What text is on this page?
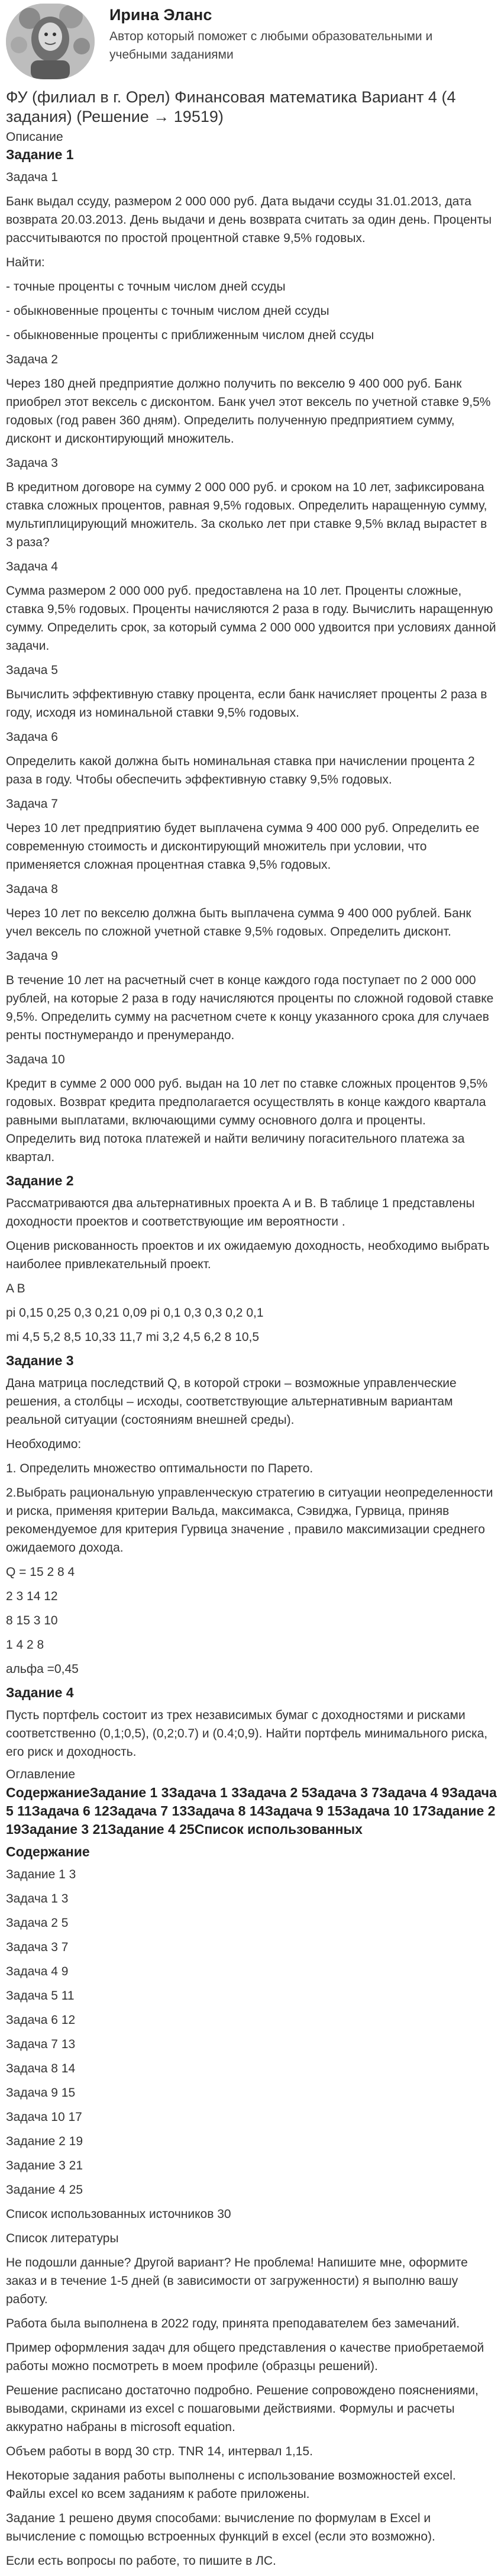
Ирина Эланс
Автор который поможет с любыми образовательными и учебными заданиями
ФУ (филиал в г. Орел) Финансовая математика Вариант 4 (4 задания) (Решение → 19519)
Описание
Задание 1
Задача 1
Банк выдал ссуду, размером 2 000 000 руб. Дата выдачи ссуды 31.01.2013, дата возврата 20.03.2013. День выдачи и день возврата считать за один день. Проценты рассчитываются по простой процентной ставке 9,5% годовых.
Найти:
- точные проценты с точным числом дней ссуды
- обыкновенные проценты с точным числом дней ссуды
- обыкновенные проценты с приближенным числом дней ссуды
Задача 2
Через 180 дней предприятие должно получить по векселю 9 400 000 руб. Банк приобрел этот вексель с дисконтом. Банк учел этот вексель по учетной ставке 9,5% годовых (год равен 360 дням). Определить полученную предприятием сумму, дисконт и дисконтирующий множитель.
Задача 3
В кредитном договоре на сумму 2 000 000 руб. и сроком на 10 лет, зафиксирована ставка сложных процентов, равная 9,5% годовых. Определить наращенную сумму, мультиплицирующий множитель. За сколько лет при ставке 9,5% вклад вырастет в 3 раза?
Задача 4
Сумма размером 2 000 000 руб. предоставлена на 10 лет. Проценты сложные, ставка 9,5% годовых. Проценты начисляются 2 раза в году. Вычислить наращенную сумму. Определить срок, за который сумма 2 000 000 удвоится при условиях данной задачи.
Задача 5
Вычислить эффективную ставку процента, если банк начисляет проценты 2 раза в году, исходя из номинальной ставки 9,5% годовых.
Задача 6
Определить какой должна быть номинальная ставка при начислении процента 2 раза в году. Чтобы обеспечить эффективную ставку 9,5% годовых.
Задача 7
Через 10 лет предприятию будет выплачена сумма 9 400 000 руб. Определить ее современную стоимость и дисконтирующий множитель при условии, что применяется сложная процентная ставка 9,5% годовых.
Задача 8
Через 10 лет по векселю должна быть выплачена сумма 9 400 000 рублей. Банк учел вексель по сложной учетной ставке 9,5% годовых. Определить дисконт.
Задача 9
В течение 10 лет на расчетный счет в конце каждого года поступает по 2 000 000 рублей, на которые 2 раза в году начисляются проценты по сложной годовой ставке 9,5%. Определить сумму на расчетном счете к концу указанного срока для случаев ренты постнумерандо и пренумерандо.
Задача 10
Кредит в сумме 2 000 000 руб. выдан на 10 лет по ставке сложных процентов 9,5% годовых. Возврат кредита предполагается осуществлять в конце каждого квартала равными выплатами, включающими сумму основного долга и проценты. Определить вид потока платежей и найти величину погасительного платежа за квартал.
Задание 2
Рассматриваются два альтернативных проекта А и В. В таблице 1 представлены доходности проектов и соответствующие им вероятности .
Оценив рискованность проектов и их ожидаемую доходность, необходимо выбрать наиболее привлекательный проект.
A B
pi 0,15 0,25 0,3 0,21 0,09 pi 0,1 0,3 0,3 0,2 0,1
mi 4,5 5,2 8,5 10,33 11,7 mi 3,2 4,5 6,2 8 10,5
Задание 3
Дана матрица последствий Q, в которой строки – возможные управленческие решения, а столбцы – исходы, соответствующие альтернативным вариантам реальной ситуации (состояниям внешней среды).
Необходимо:
1. Определить множество оптимальности по Парето.
2.Выбрать рациональную управленческую стратегию в ситуации неопределенности и риска, применяя критерии Вальда, максимакса, Сэвиджа, Гурвица, приняв рекомендуемое для критерия Гурвица значение , правило максимизации среднего ожидаемого дохода.
Q = 15 2 8 4
2 3 14 12
8 15 3 10
1 4 2 8
альфа =0,45
Задание 4
Пусть портфель состоит из трех независимых бумаг с доходностями и рисками соответственно (0,1;0,5), (0,2;0.7) и (0.4;0,9). Найти портфель минимального риска, его риск и доходность.
Оглавление
СодержаниеЗадание 1 3Задача 1 3Задача 2 5Задача 3 7Задача 4 9Задача 5 11Задача 6 12Задача 7 13Задача 8 14Задача 9 15Задача 10 17Задание 2 19Задание 3 21Задание 4 25Список использованных
Содержание
Задание 1 3
Задача 1 3
Задача 2 5
Задача 3 7
Задача 4 9
Задача 5 11
Задача 6 12
Задача 7 13
Задача 8 14
Задача 9 15
Задача 10 17
Задание 2 19
Задание 3 21
Задание 4 25
Список использованных источников 30
Список литературы
Не подошли данные? Другой вариант? Не проблема! Напишите мне, оформите заказ и в течение 1-5 дней (в зависимости от загруженности) я выполню вашу работу.
Работа была выполнена в 2022 году, принята преподавателем без замечаний.
Пример оформления задач для общего представления о качестве приобретаемой работы можно посмотреть в моем профиле (образцы решений).
Решение расписано достаточно подробно. Решение сопровождено пояснениями, выводами, скринами из excel с пошаговыми действиями. Формулы и расчеты аккуратно набраны в microsoft equation.
Объем работы в ворд 30 стр. TNR 14, интервал 1,15.
Некоторые задания работы выполнены с использование возможностей excel. Файлы excel ко всем заданиям к работе приложены.
Задание 1 решено двумя способами: вычисление по формулам в Excel и вычисление с помощью встроенных функций в excel (если это возможно).
Если есть вопросы по работе, то пишите в ЛС.
